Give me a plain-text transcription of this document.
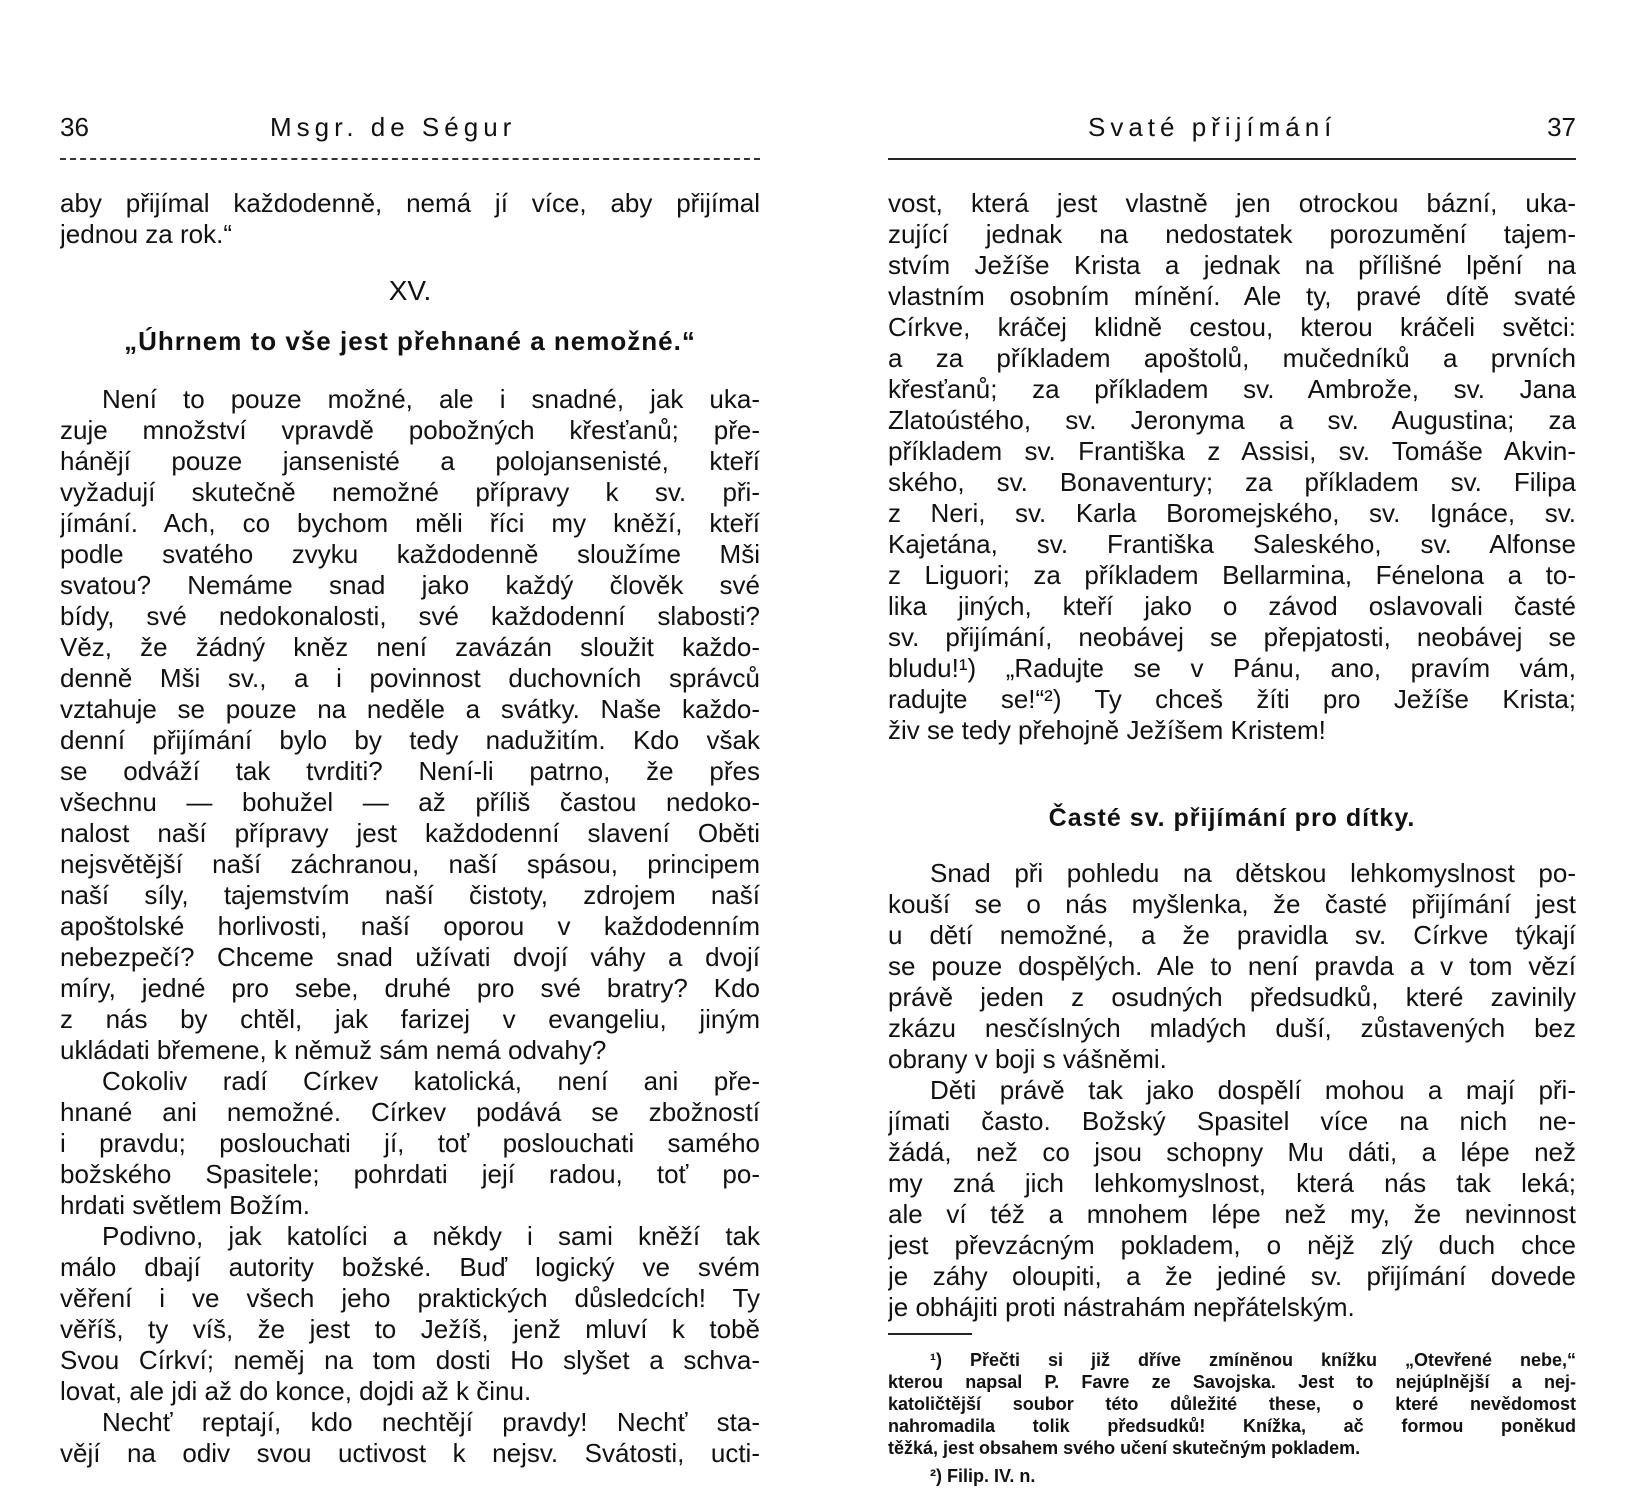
36	Msgr. de Ségur
aby přijímal každodenně, nemá jí více, aby přijímal
jednou za rok.“
XV.
„Úhrnem to vše jest přehnané a nemožné.“
Není to pouze možné, ale i snadné, jak uka-
zuje množství vpravdě pobožných křesťanů; pře-
hánějí pouze jansenisté a polojansenisté, kteří
vyžadují skutečně nemožné přípravy k sv. při-
jímání. Ach, co bychom měli říci my kněží, kteří
podle svatého zvyku každodenně sloužíme Mši
svatou? Nemáme snad jako každý člověk své
bídy, své nedokonalosti, své každodenní slabosti?
Věz, že žádný kněz není zavázán sloužit každo-
denně Mši sv., a i povinnost duchovních správců
vztahuje se pouze na neděle a svátky. Naše každo-
denní přijímání bylo by tedy nadužitím. Kdo však
se odváží tak tvrditi? Není-li patrno, že přes
všechnu — bohužel — až příliš častou nedoko-
nalost naší přípravy jest každodenní slavení Oběti
nejsvětější naší záchranou, naší spásou, principem
naší síly, tajemstvím naší čistoty, zdrojem naší
apoštolské horlivosti, naší oporou v každodenním
nebezpečí? Chceme snad užívati dvojí váhy a dvojí
míry, jedné pro sebe, druhé pro své bratry? Kdo
z nás by chtěl, jak farizej v evangeliu, jiným
ukládati břemene, k němuž sám nemá odvahy?
Cokoliv radí Církev katolická, není ani pře-
hnané ani nemožné. Církev podává se zbožností
i pravdu; poslouchati jí, toť poslouchati samého
božského Spasitele; pohrdati její radou, toť po-
hrdati světlem Božím.
Podivno, jak katolíci a někdy i sami kněží tak
málo dbají autority božské. Buď logický ve svém
věření i ve všech jeho praktických důsledcích! Ty
věříš, ty víš, že jest to Ježíš, jenž mluví k tobě
Svou Církví; neměj na tom dosti Ho slyšet a schva-
lovat, ale jdi až do konce, dojdi až k činu.
Nechť reptají, kdo nechtějí pravdy! Nechť sta-
vějí na odiv svou uctivost k nejsv. Svátosti, ucti-
Svaté přijímání	37
vost, která jest vlastně jen otrockou bázní, uka-
zující jednak na nedostatek porozumění tajem-
stvím Ježíše Krista a jednak na přílišné lpění na
vlastním osobním mínění. Ale ty, pravé dítě svaté
Církve, kráčej klidně cestou, kterou kráčeli světci:
a za příkladem apoštolů, mučedníků a prvních
křesťanů; za příkladem sv. Ambrože, sv. Jana
Zlatoústého, sv. Jeronyma a sv. Augustina; za
příkladem sv. Františka z Assisi, sv. Tomáše Akvin-
ského, sv. Bonaventury; za příkladem sv. Filipa
z Neri, sv. Karla Boromejského, sv. Ignáce, sv.
Kajetána, sv. Františka Saleského, sv. Alfonse
z Liguori; za příkladem Bellarmina, Fénelona a to-
lika jiných, kteří jako o závod oslavovali časté
sv. přijímání, neobávej se přepjatosti, neobávej se
bludu!¹) „Radujte se v Pánu, ano, pravím vám,
radujte se!“²) Ty chceš žíti pro Ježíše Krista;
živ se tedy přehojně Ježíšem Kristem!
Časté sv. přijímání pro dítky.
Snad při pohledu na dětskou lehkomyslnost po-
kouší se o nás myšlenka, že časté přijímání jest
u dětí nemožné, a že pravidla sv. Církve týkají
se pouze dospělých. Ale to není pravda a v tom vězí
právě jeden z osudných předsudků, které zavinily
zkázu nesčíslných mladých duší, zůstavených bez
obrany v boji s vášněmi.
Děti právě tak jako dospělí mohou a mají při-
jímati často. Božský Spasitel více na nich ne-
žádá, než co jsou schopny Mu dáti, a lépe než
my zná jich lehkomyslnost, která nás tak leká;
ale ví též a mnohem lépe než my, že nevinnost
jest převzácným pokladem, o nějž zlý duch chce
je záhy oloupiti, a že jediné sv. přijímání dovede
je obhájiti proti nástrahám nepřátelským.
¹) Přečti si již dříve zmíněnou knížku „Otevřené nebe,“
kterou napsal P. Favre ze Savojska. Jest to nejúplnější a nej-
katoličtější soubor této důležité these, o které nevědomost
nahromadila tolik předsudků! Knížka, ač formou poněkud
těžká, jest obsahem svého učení skutečným pokladem.
²) Filip. IV. n.
